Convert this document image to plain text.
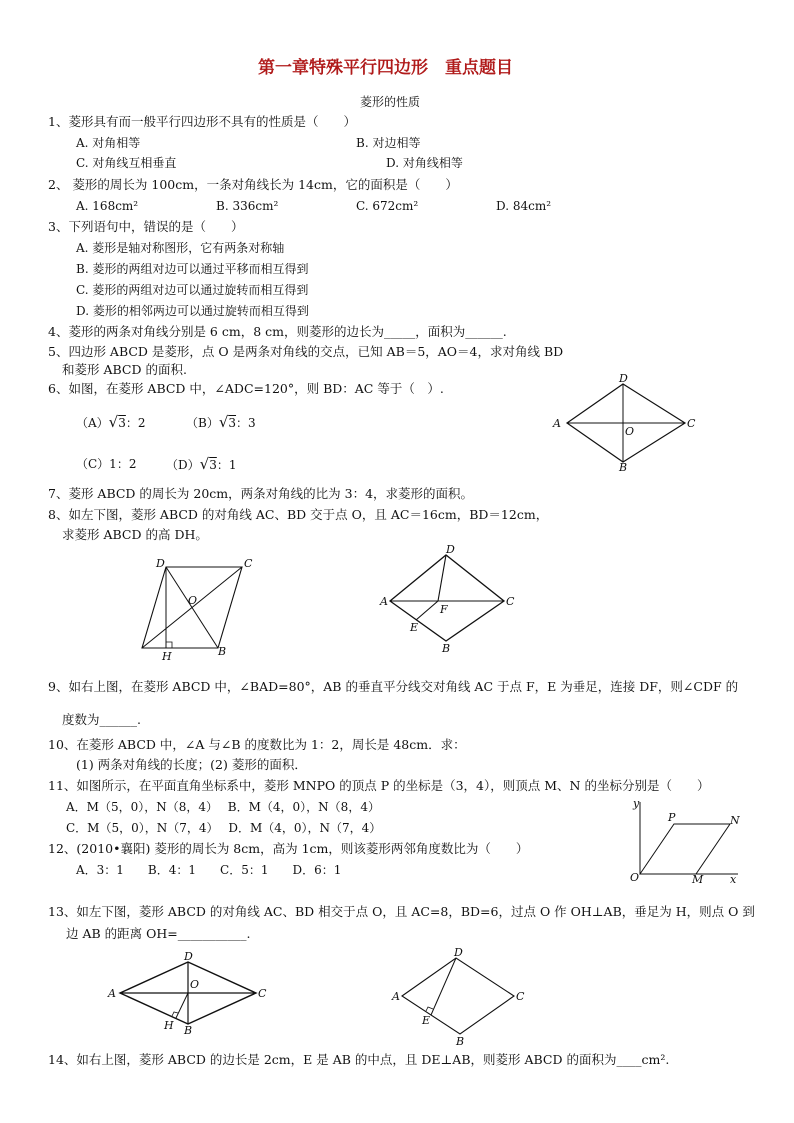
第一章特殊平行四边形　重点题目
菱形的性质
1、菱形具有而一般平行四边形不具有的性质是（　　）
A. 对角相等	B. 对边相等
C. 对角线互相垂直	D. 对角线相等
2、 菱形的周长为 100cm，一条对角线长为 14cm，它的面积是（　　）
A. 168cm²	B. 336cm²	C. 672cm²	D. 84cm²
3、下列语句中，错误的是（　　）
A. 菱形是轴对称图形，它有两条对称轴
B. 菱形的两组对边可以通过平移而相互得到
C. 菱形的两组对边可以通过旋转而相互得到
D. 菱形的相邻两边可以通过旋转而相互得到
4、菱形的两条对角线分别是 6 cm，8 cm，则菱形的边长为_____，面积为______.
5、四边形 ABCD 是菱形，点 O 是两条对角线的交点，已知 AB＝5，AO＝4，求对角线 BD
和菱形 ABCD 的面积.
6、如图，在菱形 ABCD 中，∠ADC=120°，则 BD：AC 等于（　）.
（A）√3：2	（B）√3：3
（C）1：2 （D）√3：1
A
D
C
B
O
7、菱形 ABCD 的周长为 20cm，两条对角线的比为 3：4，求菱形的面积。
8、如左下图，菱形 ABCD 的对角线 AC、BD 交于点 O，且 AC＝16cm，BD＝12cm，
求菱形 ABCD 的高 DH。
D	C
O
H	B
D
A	C
F
E
B
9、如右上图，在菱形 ABCD 中，∠BAD=80°，AB 的垂直平分线交对角线 AC 于点 F，E 为垂足，连接 DF，则∠CDF 的
度数为______.
10、在菱形 ABCD 中，∠A 与∠B 的度数比为 1：2，周长是 48cm．求：
(1) 两条对角线的长度；(2) 菱形的面积．
11、如图所示，在平面直角坐标系中，菱形 MNPO 的顶点 P 的坐标是（3，4），则顶点 M、N 的坐标分别是（　　）
A．M（5，0），N（8，4）　 B．M（4，0），N（8，4）
C．M（5，0），N（7，4）　 D．M（4，0），N（7，4）
y
x
O
P	N
M
12、(2010•襄阳) 菱形的周长为 8cm，高为 1cm，则该菱形两邻角度数比为（　　）
A．3：1　　B．4：1　　C．5：1　　D．6：1
13、如左下图，菱形 ABCD 的对角线 AC、BD 相交于点 O，且 AC=8，BD=6，过点 O 作 OH⊥AB，垂足为 H，则点 O 到
边 AB 的距离 OH=___________.
D
A	C
O
H B
D
A	C
E
B
14、如右上图，菱形 ABCD 的边长是 2cm，E 是 AB 的中点，且 DE⊥AB，则菱形 ABCD 的面积为____cm².
